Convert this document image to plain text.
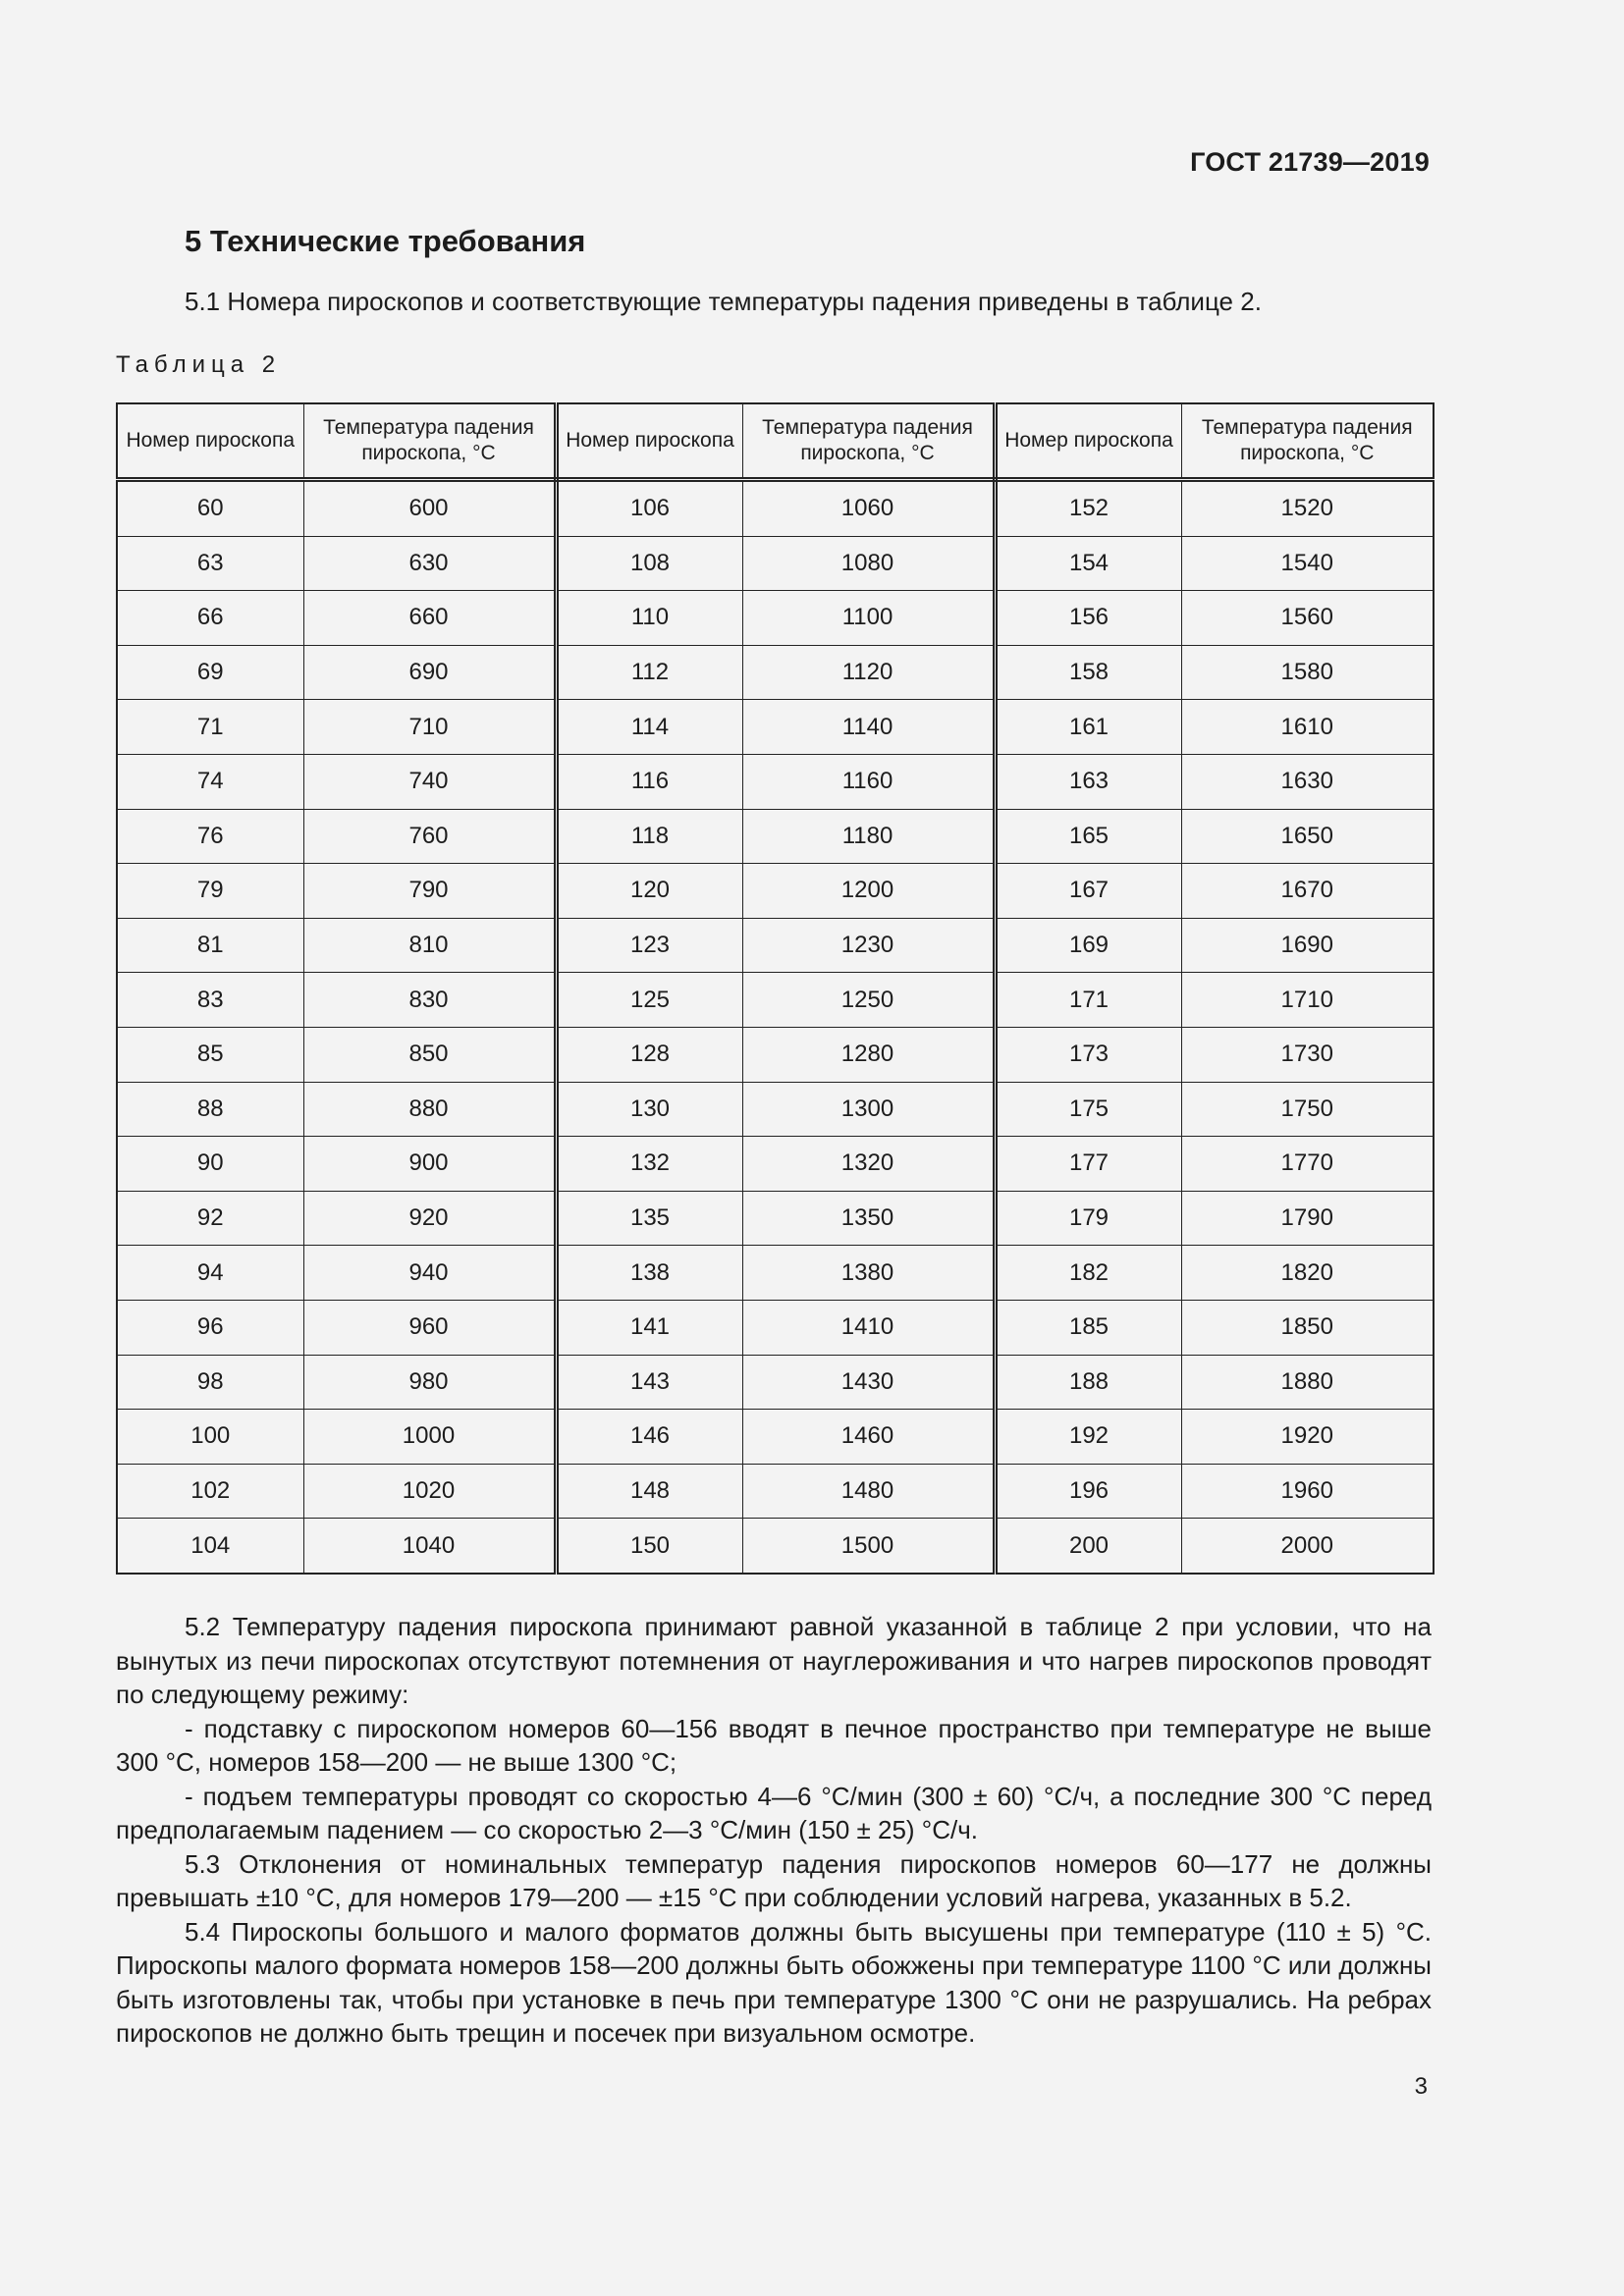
ГОСТ 21739—2019
5 Технические требования

5.1 Номера пироскопов и соответствующие температуры падения приведены в таблице 2.

Таблица 2

Номер пироскопа	Температура падения пироскопа, °С	Номер пироскопа	Температура падения пироскопа, °С	Номер пироскопа	Температура падения пироскопа, °С
60	600	106	1060	152	1520
63	630	108	1080	154	1540
66	660	110	1100	156	1560
69	690	112	1120	158	1580
71	710	114	1140	161	1610
74	740	116	1160	163	1630
76	760	118	1180	165	1650
79	790	120	1200	167	1670
81	810	123	1230	169	1690
83	830	125	1250	171	1710
85	850	128	1280	173	1730
88	880	130	1300	175	1750
90	900	132	1320	177	1770
92	920	135	1350	179	1790
94	940	138	1380	182	1820
96	960	141	1410	185	1850
98	980	143	1430	188	1880
100	1000	146	1460	192	1920
102	1020	148	1480	196	1960
104	1040	150	1500	200	2000

5.2 Температуру падения пироскопа принимают равной указанной в таблице 2 при условии, что на вынутых из печи пироскопах отсутствуют потемнения от науглероживания и что нагрев пироскопов проводят по следующему режиму:

- подставку с пироскопом номеров 60—156 вводят в печное пространство при температуре не выше 300 °С, номеров 158—200 — не выше 1300 °С;

- подъем температуры проводят со скоростью 4—6 °С/мин (300 ± 60) °С/ч, а последние 300 °С перед предполагаемым падением — со скоростью 2—3 °С/мин (150 ± 25) °С/ч.

5.3 Отклонения от номинальных температур падения пироскопов номеров 60—177 не должны превышать ±10 °С, для номеров 179—200 — ±15 °С при соблюдении условий нагрева, указанных в 5.2.

5.4 Пироскопы большого и малого форматов должны быть высушены при температуре (110 ± 5) °С. Пироскопы малого формата номеров 158—200 должны быть обожжены при температуре 1100 °С или должны быть изготовлены так, чтобы при установке в печь при температуре 1300 °С они не разрушались. На ребрах пироскопов не должно быть трещин и посечек при визуальном осмотре.

3
